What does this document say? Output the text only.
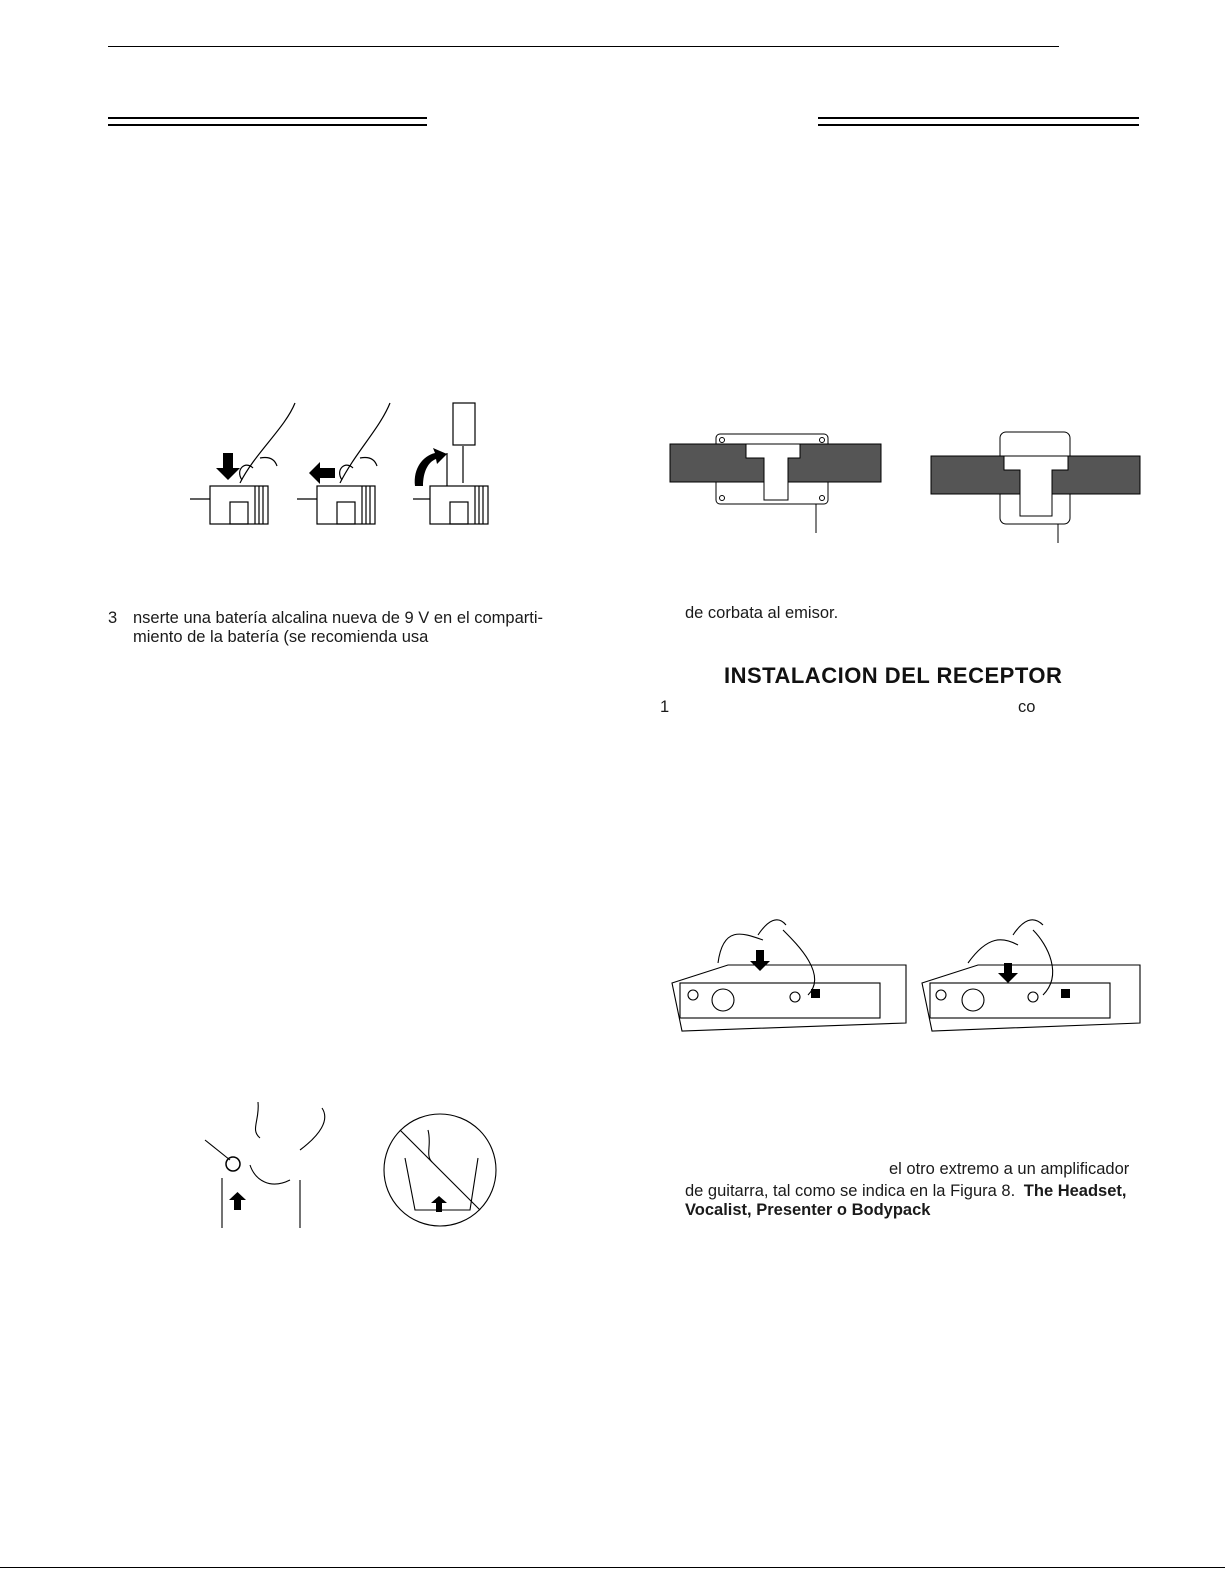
3 nserte una batería alcalina nueva de 9 V en el comparti-
miento de la batería (se recomienda usa
de corbata al emisor.
INSTALACION DEL RECEPTOR
1	co
el otro extremo a un amplificador
de guitarra, tal como se indica en la Figura 8. The Headset,
Vocalist, Presenter o Bodypack
